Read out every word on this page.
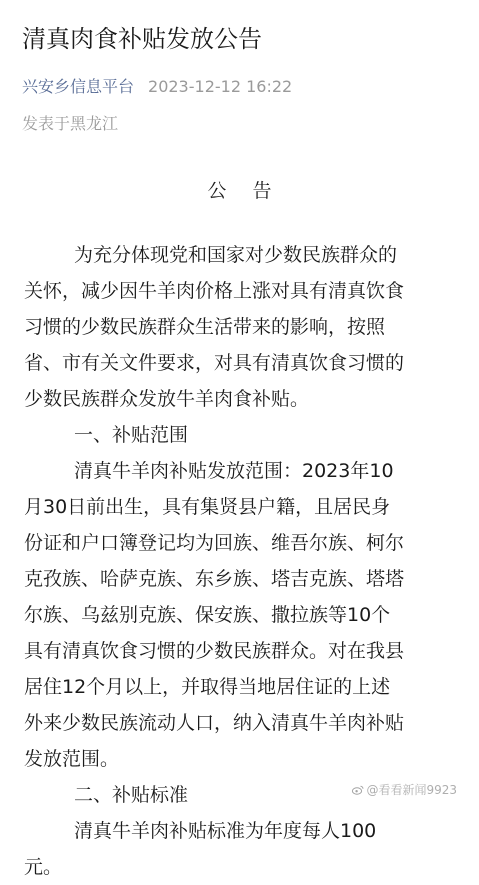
清真肉食补贴发放公告
兴安乡信息平台 2023-12-12 16:22
发表于黑龙江
公告
为充分体现党和国家对少数民族群众的关怀，减少因牛羊肉价格上涨对具有清真饮食习惯的少数民族群众生活带来的影响，按照省、市有关文件要求，对具有清真饮食习惯的少数民族群众发放牛羊肉食补贴。
一、补贴范围
清真牛羊肉补贴发放范围：2023年10月30日前出生，具有集贤县户籍，且居民身份证和户口簿登记均为回族、维吾尔族、柯尔克孜族、哈萨克族、东乡族、塔吉克族、塔塔尔族、乌兹别克族、保安族、撒拉族等10个具有清真饮食习惯的少数民族群众。对在我县居住12个月以上，并取得当地居住证的上述外来少数民族流动人口，纳入清真牛羊肉补贴发放范围。
二、补贴标准
清真牛羊肉补贴标准为年度每人100元。
@看看新闻9923
